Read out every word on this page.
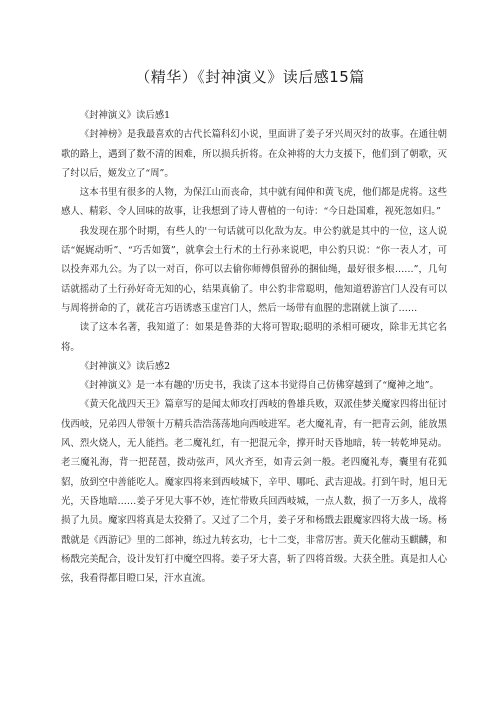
（精华）《封神演义》读后感15篇

《封神演义》读后感1

《封神榜》是我最喜欢的古代长篇科幻小说，里面讲了姜子牙兴周灭纣的故事。在通往朝歌的路上，遇到了数不清的困难，所以损兵折将。在众神将的大力支援下，他们到了朝歌，灭了纣以后，姬发立了“周”。

这本书里有很多的人物，为保江山而丧命，其中就有闻仲和黄飞虎，他们都是虎将。这些感人、精彩、令人回味的故事，让我想到了诗人曹植的一句诗：“今日赴国难，视死忽如归。”

我发现在那个时期，有些人的'一句话就可以化敌为友。申公豹就是其中的一位，这人说话“娓娓动听”、“巧舌如簧”，就拿会土行术的土行孙来说吧，申公豹只说：“你一表人才，可以投奔邓九公。为了以一对百，你可以去偷你师傅俱留孙的捆仙绳，最好很多根……”，几句话就摇动了土行孙好奇无知的心，结果真偷了。申公豹非常聪明，他知道碧游宫门人没有可以与周将拼命的了，就花言巧语诱惑玉虚宫门人，然后一场带有血腥的悲剧就上演了……

读了这本名著，我知道了：如果是鲁莽的大将可智取;聪明的杀相可硬攻，除非无其它名将。

《封神演义》读后感2

《封神演义》是一本有趣的'历史书，我读了这本书觉得自己仿佛穿越到了“魔神之地”。

《黄天化战四天王》篇章写的是闻太师攻打西岐的鲁雄兵败，双派佳梦关魔家四将出征讨伐西岐，兄弟四人带领十万精兵浩浩荡荡地向西岐进军。老大魔礼青，有一把青云剑，能放黑风、烈火烧人，无人能挡。老二魔礼红，有一把混元伞，撑开时天昏地暗，转一转乾坤晃动。老三魔礼海，背一把琵琶，拨动弦声，风火齐至，如青云剑一般。老四魔礼寿，囊里有花狐貂，放到空中善能吃人。魔家四将来到西岐城下，辛甲、哪吒、武吉迎战。打到午时，旭日无光，天昏地暗……姜子牙见大事不妙，连忙带败兵回西岐城，一点人数，损了一万多人，战将损了九员。魔家四将真是太狡猾了。又过了二个月，姜子牙和杨戬去跟魔家四将大战一场。杨戬就是《西游记》里的二郎神，练过九转玄功，七十二变，非常厉害。黄天化催动玉麒麟，和杨戬完美配合，设计发钉打中魔空四将。姜子牙大喜，斩了四将首级。大获全胜。真是扣人心弦，我看得都目瞪口呆，汗水直流。
